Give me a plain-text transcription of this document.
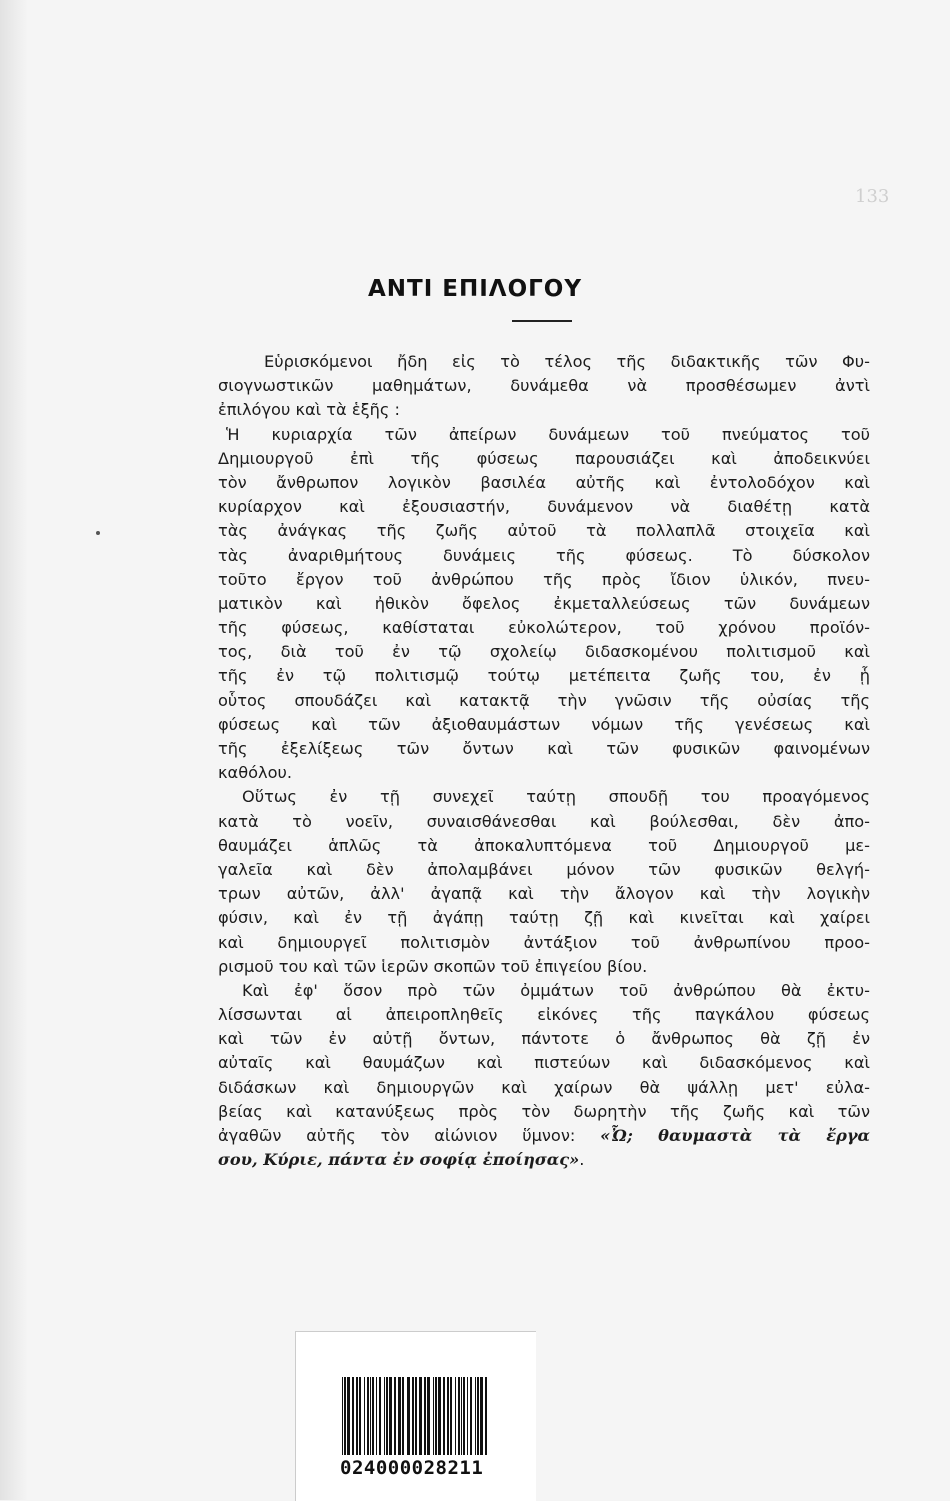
133
ΑΝΤΙ ΕΠΙΛΟΓΟΥ
Εὑρισκόμενοι ἤδη εἰς τὸ τέλος τῆς διδακτικῆς τῶν Φυ-
σιογνωστικῶν μαθημάτων, δυνάμεθα νὰ προσθέσωμεν ἀντὶ
ἐπιλόγου καὶ τὰ ἑξῆς :
Ἡ κυριαρχία τῶν ἀπείρων δυνάμεων τοῦ πνεύματος τοῦ
Δημιουργοῦ ἐπὶ τῆς φύσεως παρουσιάζει καὶ ἀποδεικνύει
τὸν ἄνθρωπον λογικὸν βασιλέα αὐτῆς καὶ ἐντολοδόχον καὶ
κυρίαρχον καὶ ἐξουσιαστήν, δυνάμενον νὰ διαθέτῃ κατὰ
τὰς ἀνάγκας τῆς ζωῆς αὐτοῦ τὰ πολλαπλᾶ στοιχεῖα καὶ
τὰς ἀναριθμήτους δυνάμεις τῆς φύσεως. Τὸ δύσκολον
τοῦτο ἔργον τοῦ ἀνθρώπου τῆς πρὸς ἴδιον ὑλικόν, πνευ-
ματικὸν καὶ ἠθικὸν ὄφελος ἐκμεταλλεύσεως τῶν δυνάμεων
τῆς φύσεως, καθίσταται εὐκολώτερον, τοῦ χρόνου προϊόν-
τος, διὰ τοῦ ἐν τῷ σχολείῳ διδασκομένου πολιτισμοῦ καὶ
τῆς ἐν τῷ πολιτισμῷ τούτῳ μετέπειτα ζωῆς του, ἐν ᾗ
οὗτος σπουδάζει καὶ κατακτᾷ τὴν γνῶσιν τῆς οὐσίας τῆς
φύσεως καὶ τῶν ἀξιοθαυμάστων νόμων τῆς γενέσεως καὶ
τῆς ἐξελίξεως τῶν ὄντων καὶ τῶν φυσικῶν φαινομένων
καθόλου.
Οὕτως ἐν τῇ συνεχεῖ ταύτῃ σπουδῇ του προαγόμενος
κατὰ τὸ νοεῖν, συναισθάνεσθαι καὶ βούλεσθαι, δὲν ἀπο-
θαυμάζει ἁπλῶς τὰ ἀποκαλυπτόμενα τοῦ Δημιουργοῦ με-
γαλεῖα καὶ δὲν ἀπολαμβάνει μόνον τῶν φυσικῶν θελγή-
τρων αὐτῶν, ἀλλ' ἀγαπᾷ καὶ τὴν ἄλογον καὶ τὴν λογικὴν
φύσιν, καὶ ἐν τῇ ἀγάπῃ ταύτῃ ζῇ καὶ κινεῖται καὶ χαίρει
καὶ δημιουργεῖ πολιτισμὸν ἀντάξιον τοῦ ἀνθρωπίνου προο-
ρισμοῦ του καὶ τῶν ἱερῶν σκοπῶν τοῦ ἐπιγείου βίου.
Καὶ ἐφ' ὅσον πρὸ τῶν ὀμμάτων τοῦ ἀνθρώπου θὰ ἐκτυ-
λίσσωνται αἱ ἀπειροπληθεῖς εἰκόνες τῆς παγκάλου φύσεως
καὶ τῶν ἐν αὐτῇ ὄντων, πάντοτε ὁ ἄνθρωπος θὰ ζῇ ἐν
αὐταῖς καὶ θαυμάζων καὶ πιστεύων καὶ διδασκόμενος καὶ
διδάσκων καὶ δημιουργῶν καὶ χαίρων θὰ ψάλλῃ μετ' εὐλα-
βείας καὶ κατανύξεως πρὸς τὸν δωρητὴν τῆς ζωῆς καὶ τῶν
ἀγαθῶν αὐτῆς τὸν αἰώνιον ὕμνον: «Ὦ; θαυμαστὰ τὰ ἔργα
σου, Κύριε, πάντα ἐν σοφίᾳ ἐποίησας».
024000028211
